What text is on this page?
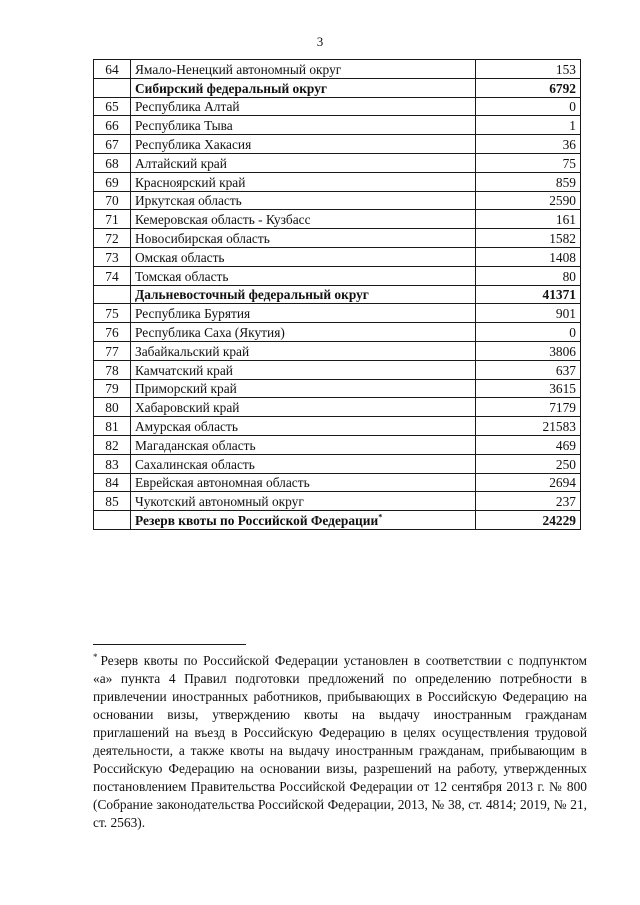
3
64	Ямало-Ненецкий автономный округ	153
	Сибирский федеральный округ	6792
65	Республика Алтай	0
66	Республика Тыва	1
67	Республика Хакасия	36
68	Алтайский край	75
69	Красноярский край	859
70	Иркутская область	2590
71	Кемеровская область - Кузбасс	161
72	Новосибирская область	1582
73	Омская область	1408
74	Томская область	80
	Дальневосточный федеральный округ	41371
75	Республика Бурятия	901
76	Республика Саха (Якутия)	0
77	Забайкальский край	3806
78	Камчатский край	637
79	Приморский край	3615
80	Хабаровский край	7179
81	Амурская область	21583
82	Магаданская область	469
83	Сахалинская область	250
84	Еврейская автономная область	2694
85	Чукотский автономный округ	237
	Резерв квоты по Российской Федерации*	24229
* Резерв квоты по Российской Федерации установлен в соответствии с подпунктом «а» пункта 4 Правил подготовки предложений по определению потребности в привлечении иностранных работников, прибывающих в Российскую Федерацию на основании визы, утверждению квоты на выдачу иностранным гражданам приглашений на въезд в Российскую Федерацию в целях осуществления трудовой деятельности, а также квоты на выдачу иностранным гражданам, прибывающим в Российскую Федерацию на основании визы, разрешений на работу, утвержденных постановлением Правительства Российской Федерации от 12 сентября 2013 г. № 800 (Собрание законодательства Российской Федерации, 2013, № 38, ст. 4814; 2019, № 21, ст. 2563).
